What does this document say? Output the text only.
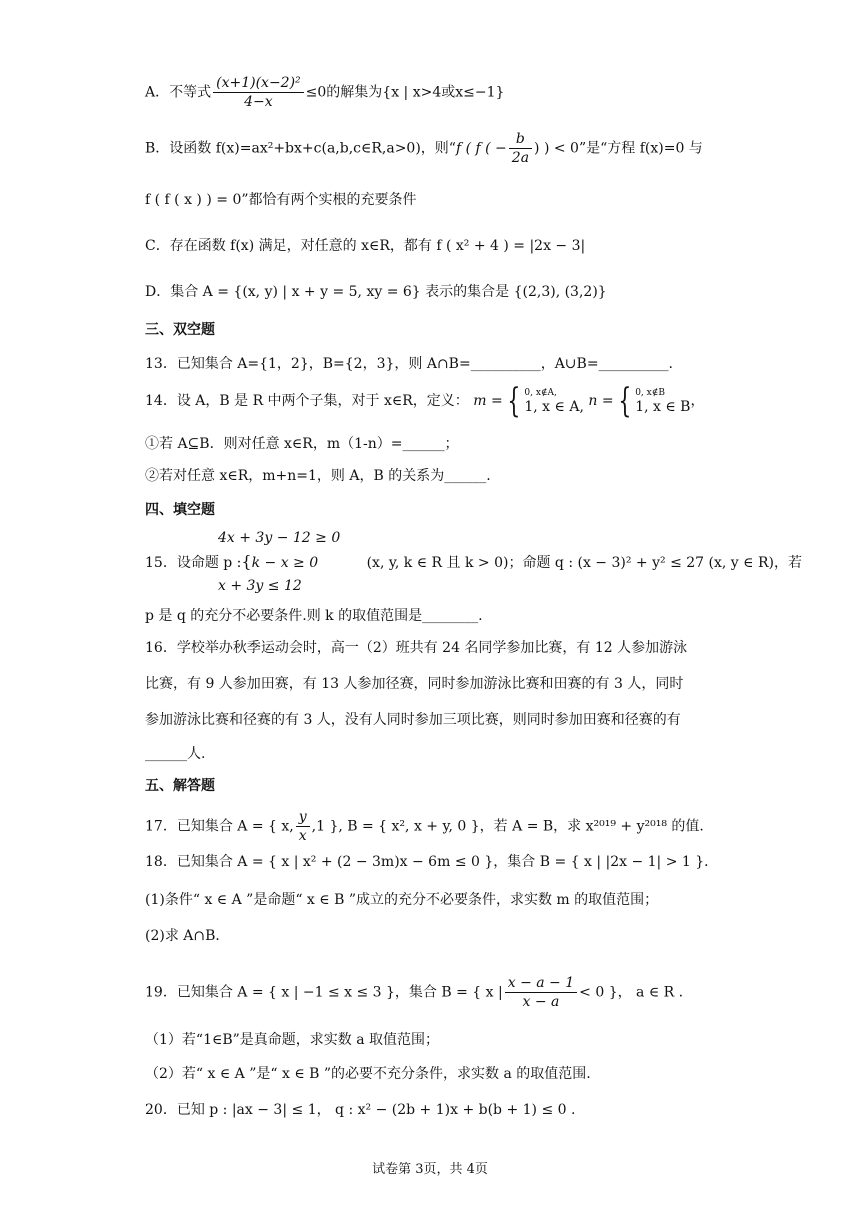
A．不等式 $\frac{\text{(x+1)(x−2)²}}{4-x} \le 0$的解集为{x | x>4或x≤−1}
B．设函数 f(x)=ax²+bx+c(a,b,c∈R,a>0)，则“f ( f ( − $\frac{b}{2a}$ ) ) < 0”是“方程 f(x)=0 与
f ( f ( x ) ) = 0”都恰有两个实根的充要条件
C．存在函数 f(x) 满足，对任意的 x∈R，都有 f ( x² + 4 ) = |2x − 3|
D．集合 A = {(x, y) | x + y = 5, xy = 6} 表示的集合是 {(2,3), (3,2)}
三、双空题
13．已知集合 A={1，2}，B={2，3}，则 A∩B=__________，A∪B=__________.
14．设 A，B 是 R 中两个子集，对于 x∈R，定义： m = { 0, x∉A,
1, x ∈ A, n = { 0, x∉B
1, x ∈ B ，
①若 A⊆B．则对任意 x∈R，m（1-n）=______；
②若对任意 x∈R，m+n=1，则 A，B 的关系为______.
四、填空题
4x + 3y − 12 ≥ 0
15．设命题 p :{k − x ≥ 0	(x, y, k ∈ R 且 k > 0)；命题 q : (x − 3)² + y² ≤ 27 (x, y ∈ R)，若
x + 3y ≤ 12
p 是 q 的充分不必要条件.则 k 的取值范围是________.
16．学校举办秋季运动会时，高一（2）班共有 24 名同学参加比赛，有 12 人参加游泳
比赛，有 9 人参加田赛，有 13 人参加径赛，同时参加游泳比赛和田赛的有 3 人，同时
参加游泳比赛和径赛的有 3 人，没有人同时参加三项比赛，则同时参加田赛和径赛的有
______人.
五、解答题
17．已知集合 A = { x, $\frac{y}{x} ,1$ }, B = { x², x + y, 0 }，若 A = B，求 x²⁰¹⁹ + y²⁰¹⁸ 的值.
18．已知集合 A = { x | x² + (2 − 3m)x − 6m ≤ 0 }，集合 B = { x | |2x − 1| > 1 }．
(1)条件“ x ∈ A ”是命题“ x ∈ B ”成立的充分不必要条件，求实数 m 的取值范围；
(2)求 A∩B．
19．已知集合 A = { x | −1 ≤ x ≤ 3 }，集合 B = { x | $\frac{x - a - 1}{x - a} < 0$ }， a ∈ R .
（1）若“1∈B”是真命题，求实数 a 取值范围；
（2）若“ x ∈ A ”是“ x ∈ B ”的必要不充分条件，求实数 a 的取值范围.
20．已知 p : |ax − 3| ≤ 1， q : x² − (2b + 1)x + b(b + 1) ≤ 0 .
试卷第 3页，共 4页
